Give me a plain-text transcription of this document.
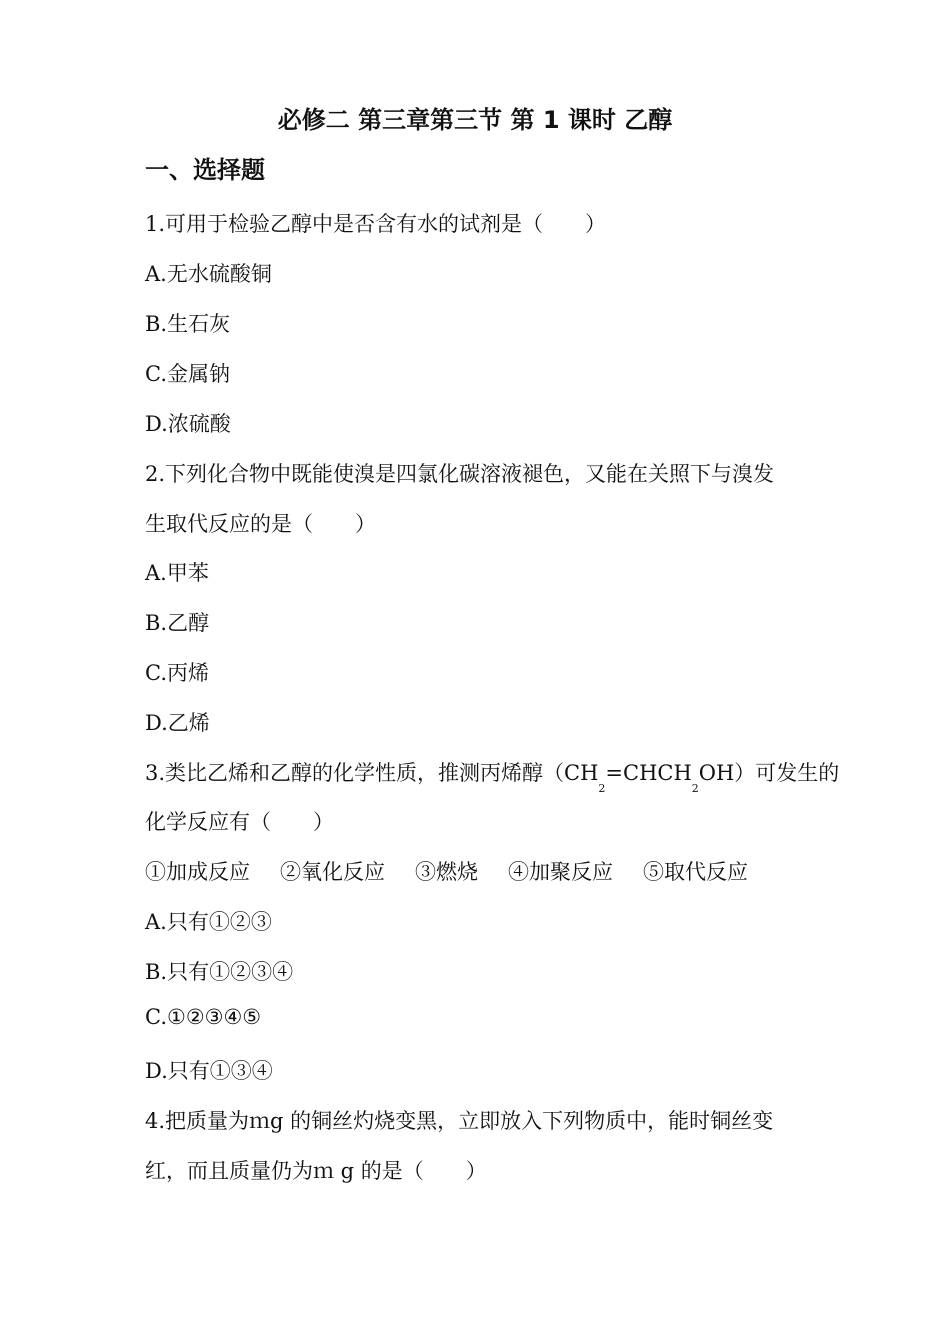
必修二 第三章第三节 第 1 课时 乙醇
一、选择题
1.可用于检验乙醇中是否含有水的试剂是（　　）
A.无水硫酸铜
B.生石灰
C.金属钠
D.浓硫酸
2.下列化合物中既能使溴是四氯化碳溶液褪色，又能在关照下与溴发
生取代反应的是（　　）
A.甲苯
B.乙醇
C.丙烯
D.乙烯
3.类比乙烯和乙醇的化学性质，推测丙烯醇$(CH_2=CHCH_2OH)$可发生的
化学反应有（　　）
①加成反应 ②氧化反应 ③燃烧 ④加聚反应 ⑤取代反应
A.只有①②③
B.只有①②③④
C.①②③④⑤
D.只有①③④
4.把质量为ｍg 的铜丝灼烧变黑，立即放入下列物质中，能时铜丝变
红，而且质量仍为ｍ g 的是（　　）
